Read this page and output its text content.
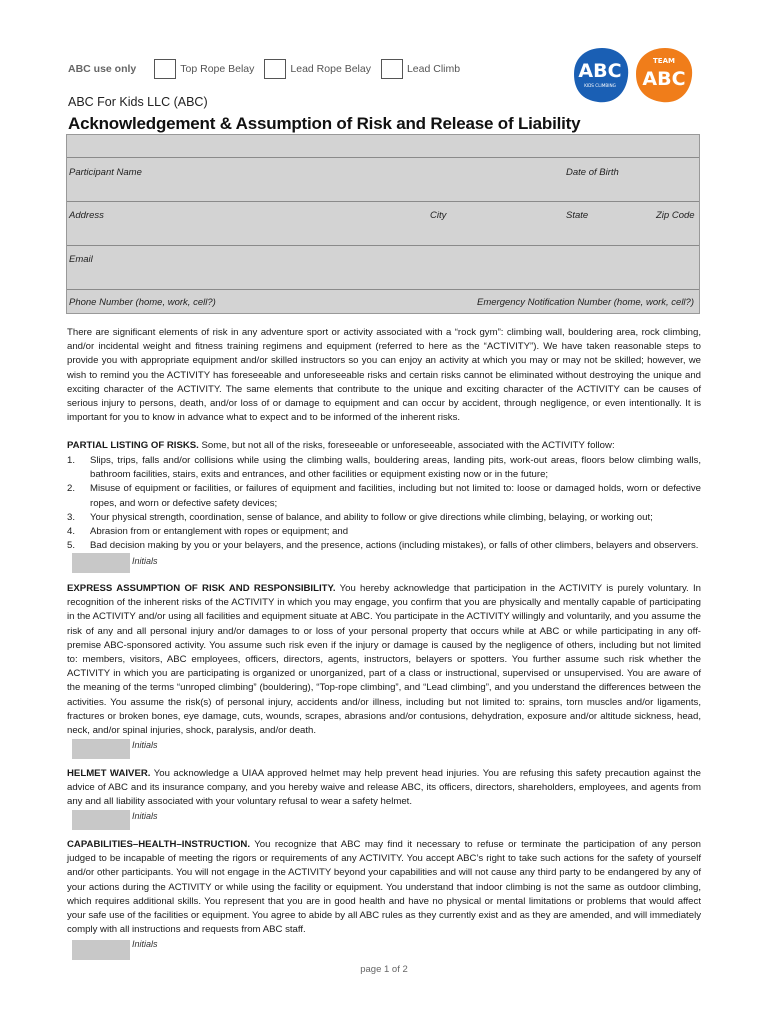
ABC use only	Top Rope Belay	Lead Rope Belay	Lead Climb	ABC
KIDS CLIMBING
TEAM
ABC
ABC For Kids LLC (ABC)
Acknowledgement & Assumption of Risk and Release of Liability
Participant Name	Date of Birth
Address	City	State	Zip Code
Email
Phone Number (home, work, cell?)	Emergency Notification Number (home, work, cell?)
There are significant elements of risk in any adventure sport or activity associated with a “rock gym”: climbing wall, bouldering area, rock climbing, and/or incidental weight and fitness training regimens and equipment (referred to here as the “ACTIVITY”). We have taken reasonable steps to provide you with appropriate equipment and/or skilled instructors so you can enjoy an activity at which you may or may not be skilled; however, we wish to remind you the ACTIVITY has foreseeable and unforeseeable risks and certain risks cannot be eliminated without destroying the unique and exciting character of the ACTIVITY. The same elements that contribute to the unique and exciting character of the ACTIVITY can be causes of serious injury to persons, death, and/or loss of or damage to equipment and can occur by accident, through negligence, or even intentionally. It is important for you to know in advance what to expect and to be informed of the inherent risks.
PARTIAL LISTING OF RISKS. Some, but not all of the risks, foreseeable or unforeseeable, associated with the ACTIVITY follow:
1.	Slips, trips, falls and/or collisions while using the climbing walls, bouldering areas, landing pits, work-out areas, floors below climbing walls, bathroom facilities, stairs, exits and entrances, and other facilities or equipment existing now or in the future;
2.	Misuse of equipment or facilities, or failures of equipment and facilities, including but not limited to: loose or damaged holds, worn or defective ropes, and worn or defective safety devices;
3.	Your physical strength, coordination, sense of balance, and ability to follow or give directions while climbing, belaying, or working out;
4.	Abrasion from or entanglement with ropes or equipment; and
5.	Bad decision making by you or your belayers, and the presence, actions (including mistakes), or falls of other climbers, belayers and observers.
Initials
EXPRESS ASSUMPTION OF RISK AND RESPONSIBILITY. You hereby acknowledge that participation in the ACTIVITY is purely voluntary. In recognition of the inherent risks of the ACTIVITY in which you may engage, you confirm that you are physically and mentally capable of participating in the ACTIVITY and/or using all facilities and equipment situate at ABC. You participate in the ACTIVITY willingly and voluntarily, and you assume the risk of any and all personal injury and/or damages to or loss of your personal property that occurs while at ABC or while participating in any off-premise ABC-sponsored activity. You assume such risk even if the injury or damage is caused by the negligence of others, including but not limited to: members, visitors, ABC employees, officers, directors, agents, instructors, belayers or spotters. You further assume such risk whether the ACTIVITY in which you are participating is organized or unorganized, part of a class or instructional, supervised or unsupervised. You are aware of the meaning of the terms “unroped climbing” (bouldering), “Top-rope climbing”, and “Lead climbing”, and you understand the differences between the activities. You assume the risk(s) of personal injury, accidents and/or illness, including but not limited to: sprains, torn muscles and/or ligaments, fractures or broken bones, eye damage, cuts, wounds, scrapes, abrasions and/or contusions, dehydration, exposure and/or altitude sickness, head, neck, and/or spinal injuries, shock, paralysis, and/or death.
Initials
HELMET WAIVER. You acknowledge a UIAA approved helmet may help prevent head injuries. You are refusing this safety precaution against the advice of ABC and its insurance company, and you hereby waive and release ABC, its officers, directors, shareholders, employees, and agents from any and all liability associated with your voluntary refusal to wear a safety helmet.
Initials
CAPABILITIES–HEALTH–INSTRUCTION. You recognize that ABC may find it necessary to refuse or terminate the participation of any person judged to be incapable of meeting the rigors or requirements of any ACTIVITY. You accept ABC’s right to take such actions for the safety of yourself and/or other participants. You will not engage in the ACTIVITY beyond your capabilities and will not cause any third party to be endangered by any of your actions during the ACTIVITY or while using the facility or equipment. You understand that indoor climbing is not the same as outdoor climbing, which requires additional skills. You represent that you are in good health and have no physical or mental limitations or problems that would affect your safe use of the facilities or equipment. You agree to abide by all ABC rules as they currently exist and as they are amended, and will immediately comply with all instructions and requests from ABC staff.
Initials
page 1 of 2
